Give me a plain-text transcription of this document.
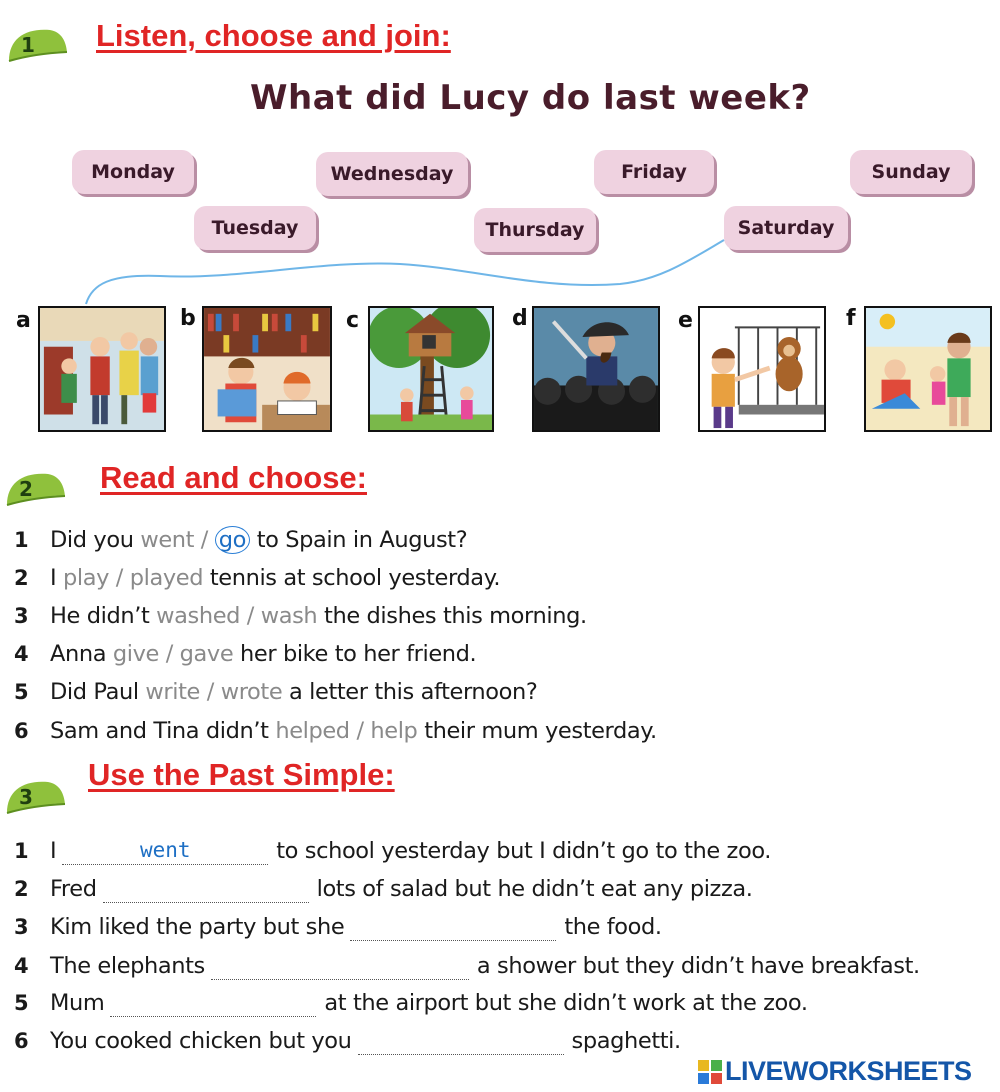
1	Listen, choose and join:
What did Lucy do last week?
Monday	Wednesday	Friday	Sunday
Tuesday	Thursday	Saturday
a	b	c	d	e	f
2	Read and choose:
1 Did you went / go to Spain in August?
2 I play / played tennis at school yesterday.
3 He didn’t washed / wash the dishes this morning.
4 Anna give / gave her bike to her friend.
5 Did Paul write / wrote a letter this afternoon?
6 Sam and Tina didn’t helped / help their mum yesterday.
3
Use the Past Simple:
1 I
went	to school yesterday but I didn’t go to the zoo.
2 Fred	lots of salad but he didn’t eat any pizza.
3 Kim liked the party but she	the food.
4 The elephants	a shower but they didn’t have breakfast.
5 Mum	at the airport but she didn’t work at the zoo.
6 You cooked chicken but you	spaghetti.
LIVEWORKSHEETS
